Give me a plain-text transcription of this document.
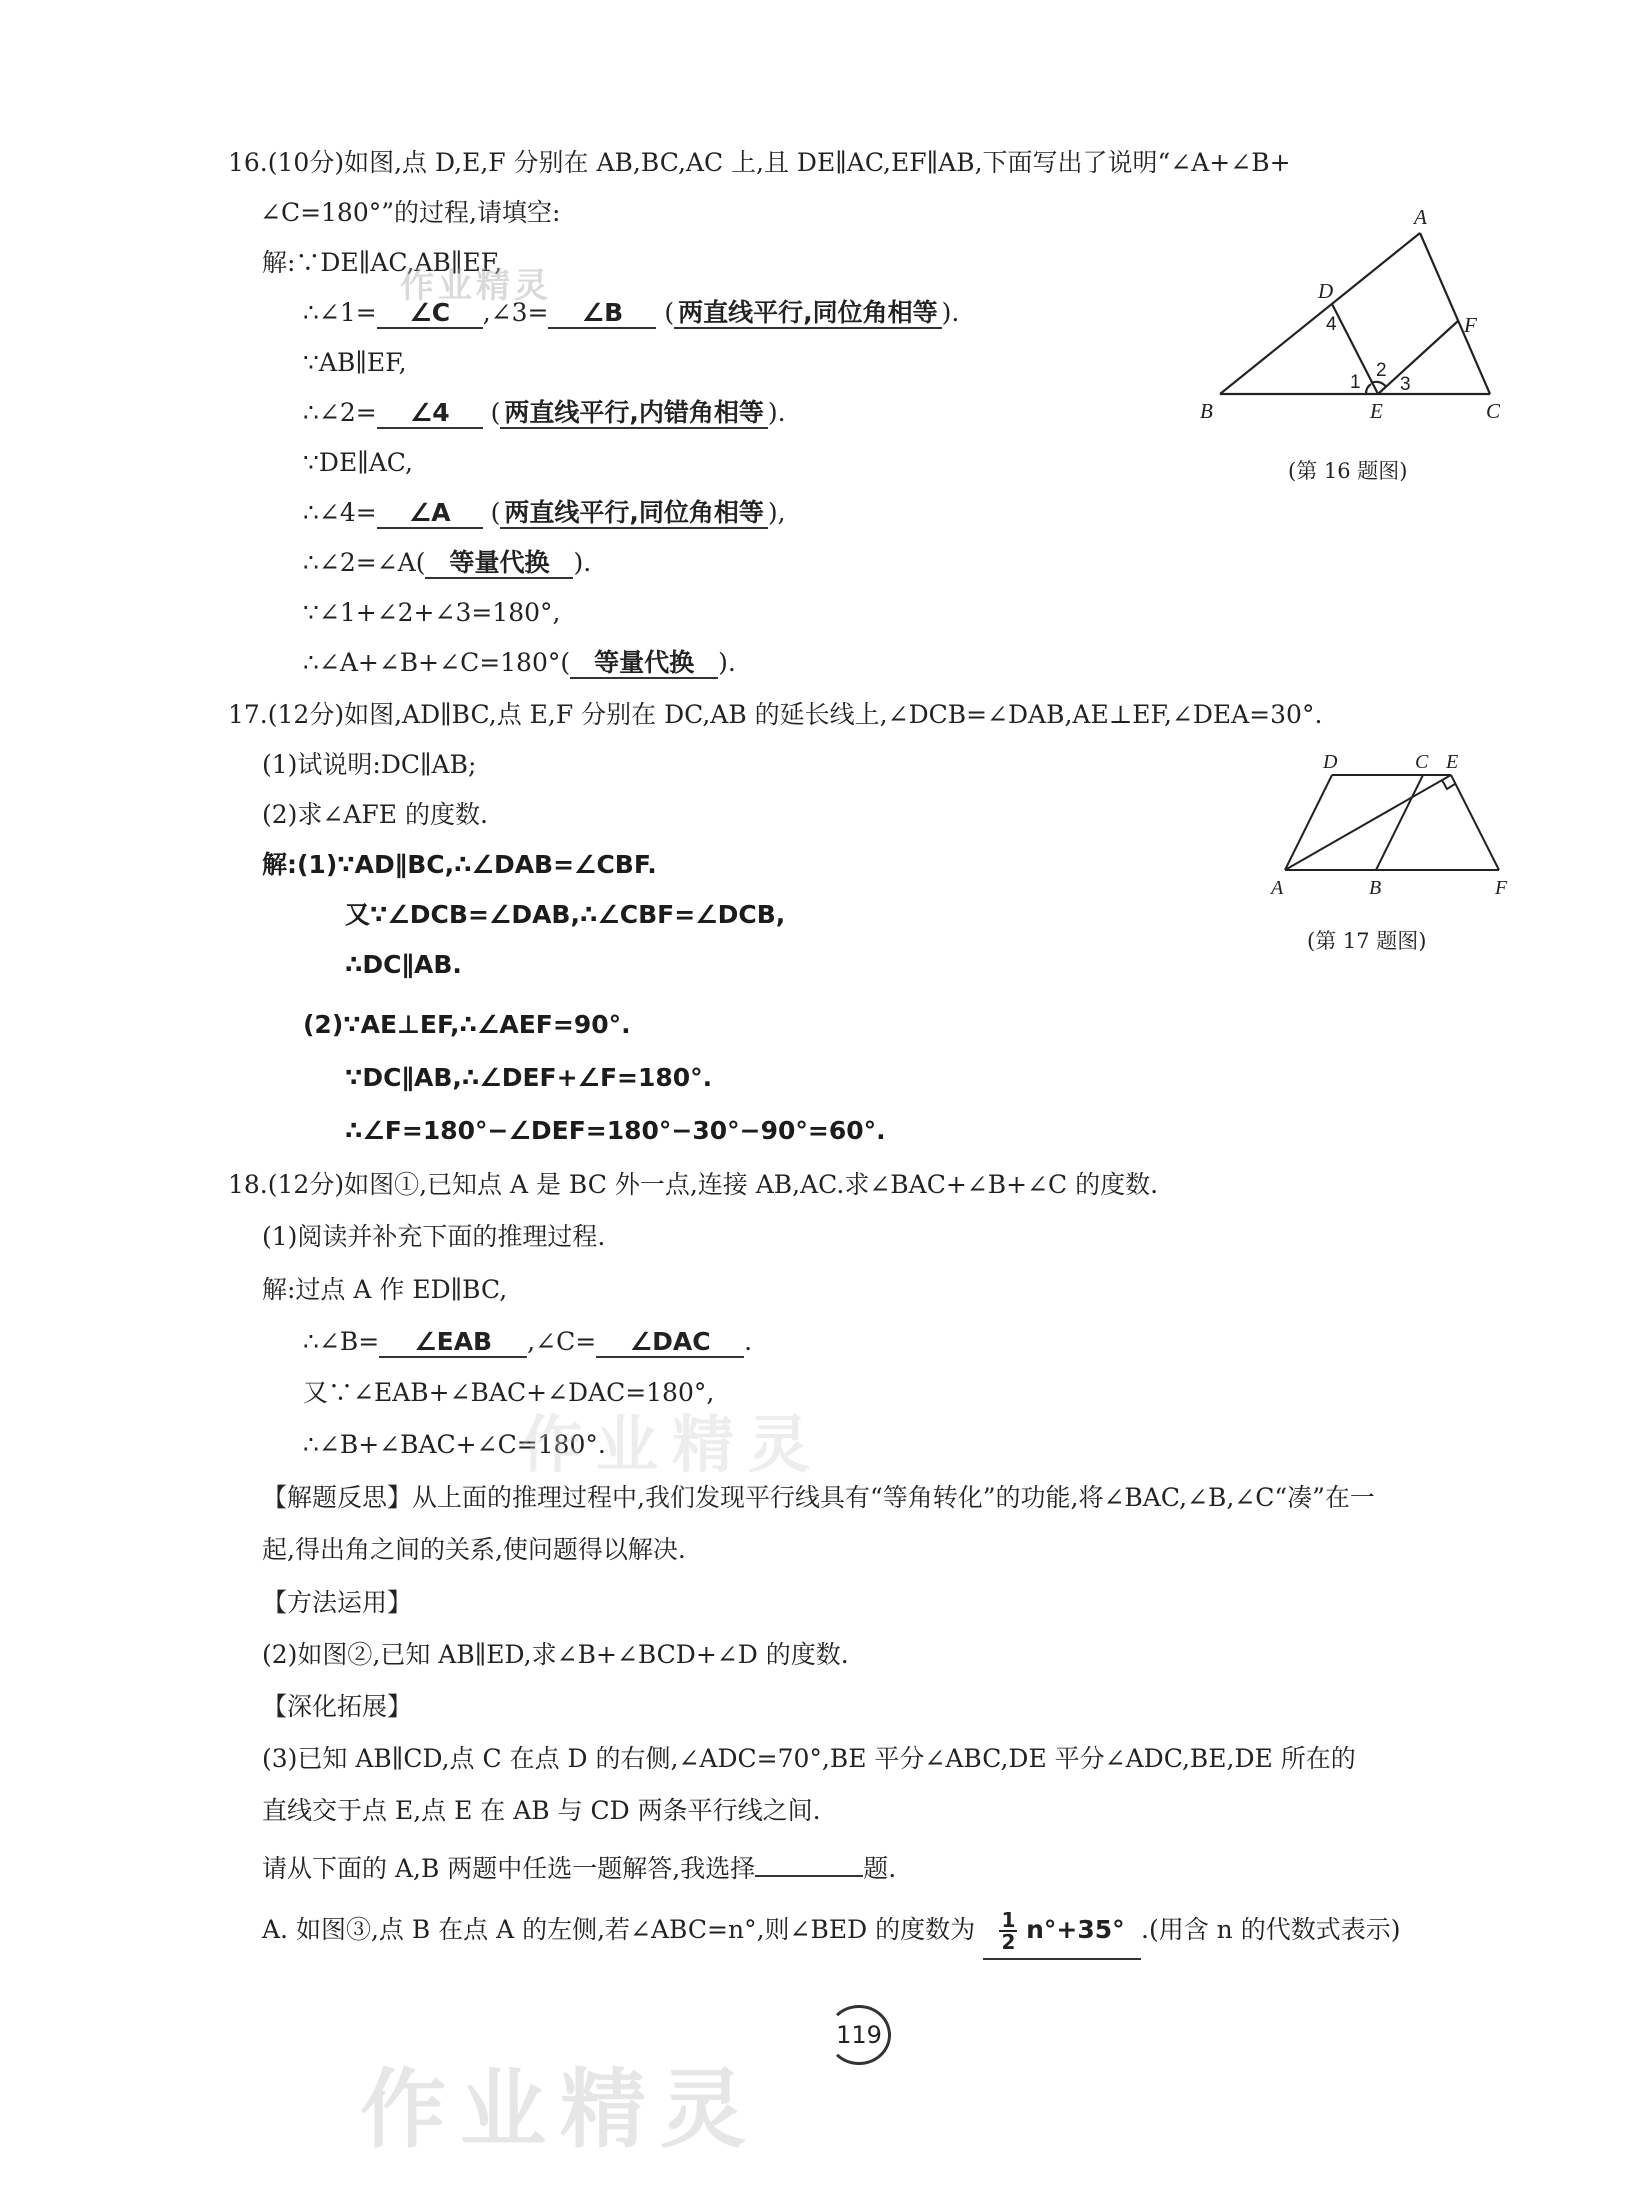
16.(10分)如图,点 D,E,F 分别在 AB,BC,AC 上,且 DE∥AC,EF∥AB,下面写出了说明“∠A+∠B+
∠C=180°”的过程,请填空:
解:∵DE∥AC,AB∥EF,
∴∠1= ∠C ,∠3= ∠B ( 两直线平行,同位角相等 ).
∵AB∥EF,
∴∠2= ∠4 ( 两直线平行,内错角相等 ).
∵DE∥AC,
∴∠4= ∠A ( 两直线平行,同位角相等 ),
∴∠2=∠A( 等量代换 ).
∵∠1+∠2+∠3=180°,
∴∠A+∠B+∠C=180°( 等量代换 ).
A
B	C
D
E
F
1
2
3
4
(第 16 题图)
17.(12分)如图,AD∥BC,点 E,F 分别在 DC,AB 的延长线上,∠DCB=∠DAB,AE⊥EF,∠DEA=30°.
(1)试说明:DC∥AB;
(2)求∠AFE 的度数.
解:(1)∵AD∥BC,∴∠DAB=∠CBF.
又∵∠DCB=∠DAB,∴∠CBF=∠DCB,
∴DC∥AB.
(2)∵AE⊥EF,∴∠AEF=90°.
∵DC∥AB,∴∠DEF+∠F=180°.
∴∠F=180°−∠DEF=180°−30°−90°=60°.
A	B
C
D	E
F
(第 17 题图)
18.(12分)如图①,已知点 A 是 BC 外一点,连接 AB,AC.求∠BAC+∠B+∠C 的度数.
(1)阅读并补充下面的推理过程.
解:过点 A 作 ED∥BC,
∴∠B= ∠EAB ,∠C= ∠DAC .
又∵∠EAB+∠BAC+∠DAC=180°,
∴∠B+∠BAC+∠C=180°.
【解题反思】从上面的推理过程中,我们发现平行线具有“等角转化”的功能,将∠BAC,∠B,∠C“凑”在一
起,得出角之间的关系,使问题得以解决.
【方法运用】
(2)如图②,已知 AB∥ED,求∠B+∠BCD+∠D 的度数.
【深化拓展】
(3)已知 AB∥CD,点 C 在点 D 的右侧,∠ADC=70°,BE 平分∠ABC,DE 平分∠ADC,BE,DE 所在的
直线交于点 E,点 E 在 AB 与 CD 两条平行线之间.
请从下面的 A,B 两题中任选一题解答,我选择	题.
A. 如图③,点 B 在点 A 的左侧,若∠ABC=n°,则∠BED 的度数为 $\frac{1}{2} n^\circ+35^\circ$ .(用含 n 的代数式表示)
119
作业精灵
作业精灵
作业精灵
